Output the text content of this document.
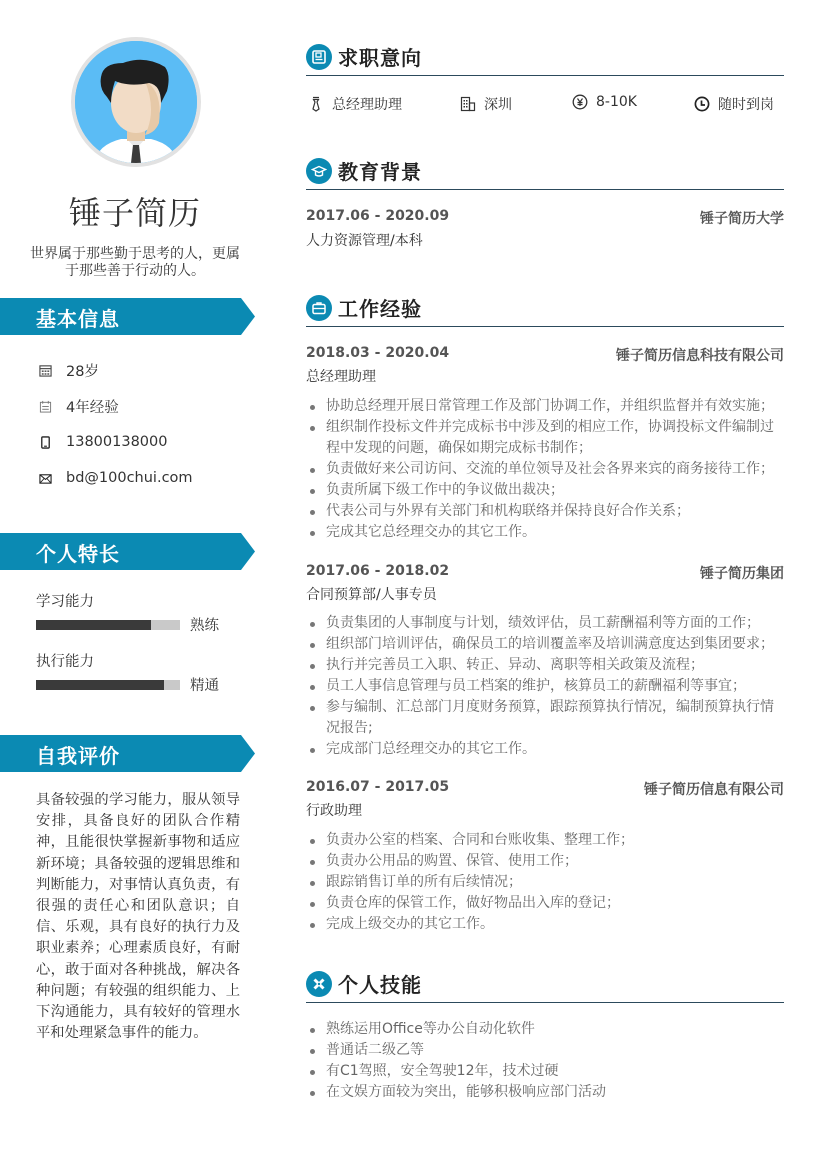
锤子简历
世界属于那些勤于思考的人，更属于那些善于行动的人。
基本信息
28岁
4年经验
13800138000
bd@100chui.com
个人特长
学习能力
熟练
执行能力
精通
自我评价
具备较强的学习能力，服从领导安排，具备良好的团队合作精神，且能很快掌握新事物和适应新环境；具备较强的逻辑思维和判断能力，对事情认真负责，有很强的责任心和团队意识；自信、乐观，具有良好的执行力及职业素养；心理素质良好，有耐心，敢于面对各种挑战，解决各种问题；有较强的组织能力、上下沟通能力，具有较好的管理水平和处理紧急事件的能力。
求职意向
总经理助理	深圳	8-10K	随时到岗
教育背景
2017.06 - 2020.09	锤子简历大学
人力资源管理/本科
工作经验
2018.03 - 2020.04	锤子简历信息科技有限公司
总经理助理
协助总经理开展日常管理工作及部门协调工作，并组织监督并有效实施；
组织制作投标文件并完成标书中涉及到的相应工作，协调投标文件编制过程中发现的问题，确保如期完成标书制作；
负责做好来公司访问、交流的单位领导及社会各界来宾的商务接待工作；
负责所属下级工作中的争议做出裁决；
代表公司与外界有关部门和机构联络并保持良好合作关系；
完成其它总经理交办的其它工作。
2017.06 - 2018.02	锤子简历集团
合同预算部/人事专员
负责集团的人事制度与计划，绩效评估，员工薪酬福利等方面的工作；
组织部门培训评估，确保员工的培训覆盖率及培训满意度达到集团要求；
执行并完善员工入职、转正、异动、离职等相关政策及流程；
员工人事信息管理与员工档案的维护，核算员工的薪酬福利等事宜；
参与编制、汇总部门月度财务预算，跟踪预算执行情况，编制预算执行情况报告;
完成部门总经理交办的其它工作。
2016.07 - 2017.05	锤子简历信息有限公司
行政助理
负责办公室的档案、合同和台账收集、整理工作；
负责办公用品的购置、保管、使用工作；
跟踪销售订单的所有后续情况；
负责仓库的保管工作，做好物品出入库的登记；
完成上级交办的其它工作。
个人技能
熟练运用Office等办公自动化软件
普通话二级乙等
有C1驾照，安全驾驶12年，技术过硬
在文娱方面较为突出，能够积极响应部门活动
